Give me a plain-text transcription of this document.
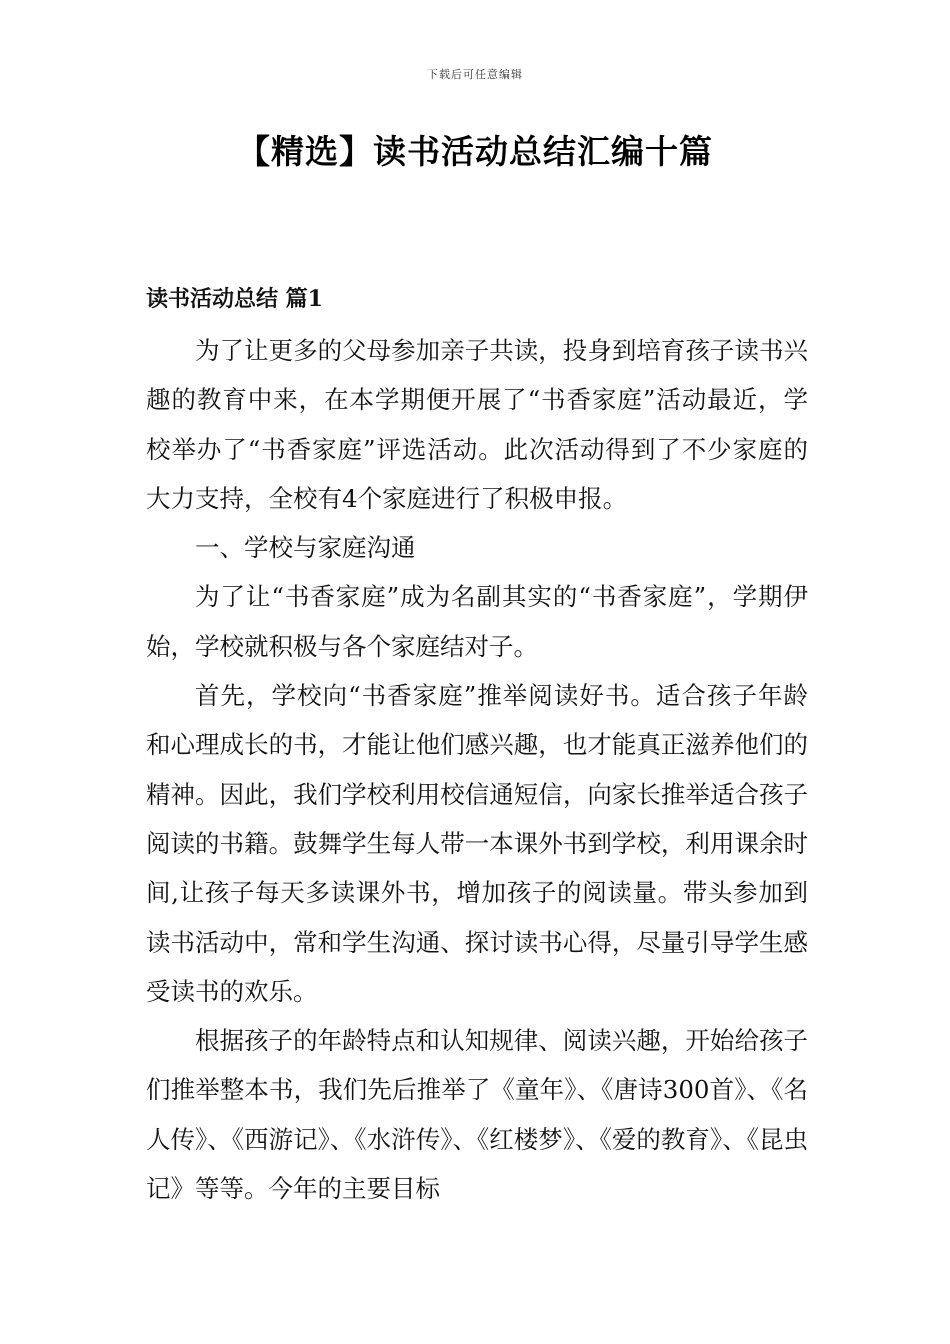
下载后可任意编辑
【精选】读书活动总结汇编十篇
读书活动总结 篇1

为了让更多的父母参加亲子共读，投身到培育孩子读书兴趣的教育中来，在本学期便开展了“书香家庭”活动最近，学校举办了“书香家庭”评选活动。此次活动得到了不少家庭的大力支持，全校有4个家庭进行了积极申报。

一、学校与家庭沟通

为了让“书香家庭”成为名副其实的“书香家庭”，学期伊始，学校就积极与各个家庭结对子。

首先，学校向“书香家庭”推举阅读好书。适合孩子年龄和心理成长的书，才能让他们感兴趣，也才能真正滋养他们的精神。因此，我们学校利用校信通短信，向家长推举适合孩子阅读的书籍。鼓舞学生每人带一本课外书到学校，利用课余时间,让孩子每天多读课外书，增加孩子的阅读量。带头参加到读书活动中，常和学生沟通、探讨读书心得，尽量引导学生感受读书的欢乐。

根据孩子的年龄特点和认知规律、阅读兴趣，开始给孩子们推举整本书，我们先后推举了《童年》、《唐诗300首》、《名人传》、《西游记》、《水浒传》、《红楼梦》、《爱的教育》、《昆虫记》等等。今年的主要目标
